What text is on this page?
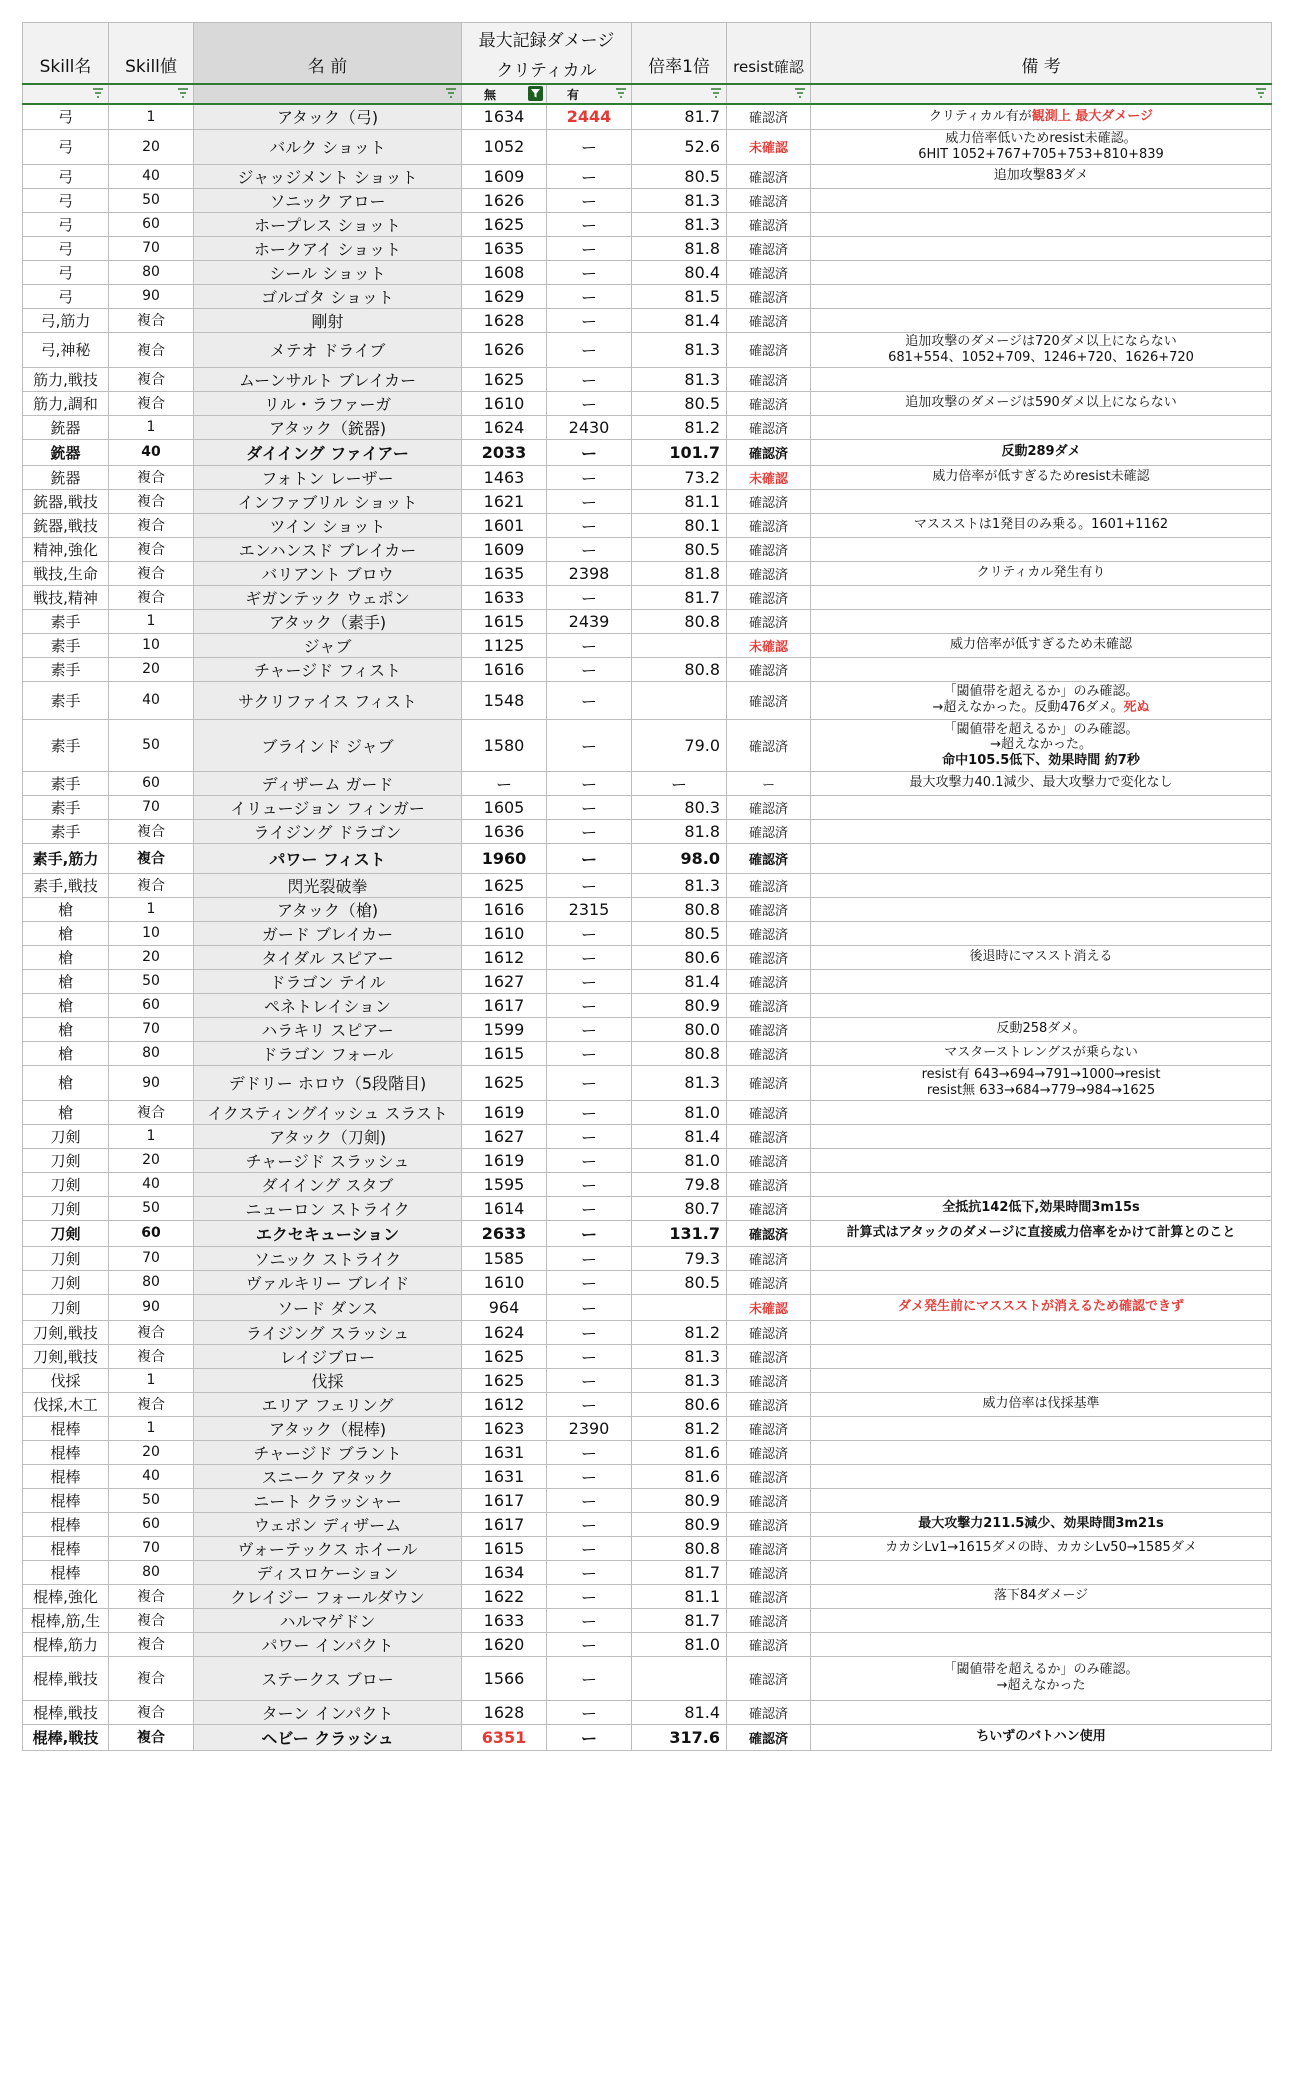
Skill名	Skill値	名 前	最大記録ダメージ		倍率1倍	resist確認	備 考
			クリティカル				

無	有

弓	1	アタック（弓)	1634	2444	81.7	確認済	クリティカル有が観測上 最大ダメージ
弓	20	バルク ショット	1052	ー	52.6	未確認	威力倍率低いためresist未確認。
6HIT 1052+767+705+753+810+839
弓	40	ジャッジメント ショット	1609	ー	80.5	確認済	追加攻撃83ダメ
弓	50	ソニック アロー	1626	ー	81.3	確認済	
弓	60	ホープレス ショット	1625	ー	81.3	確認済	
弓	70	ホークアイ ショット	1635	ー	81.8	確認済	
弓	80	シール ショット	1608	ー	80.4	確認済	
弓	90	ゴルゴタ ショット	1629	ー	81.5	確認済	
弓,筋力	複合	剛射	1628	ー	81.4	確認済	
弓,神秘	複合	メテオ ドライブ	1626	ー	81.3	確認済	追加攻撃のダメージは720ダメ以上にならない
681+554、1052+709、1246+720、1626+720
筋力,戦技	複合	ムーンサルト ブレイカー	1625	ー	81.3	確認済	
筋力,調和	複合	リル・ラファーガ	1610	ー	80.5	確認済	追加攻撃のダメージは590ダメ以上にならない
銃器	1	アタック（銃器)	1624	2430	81.2	確認済	
銃器	40	ダイイング ファイアー	2033	ー	101.7	確認済	反動289ダメ
銃器	複合	フォトン レーザー	1463	ー	73.2	未確認	威力倍率が低すぎるためresist未確認
銃器,戦技	複合	インファブリル ショット	1621	ー	81.1	確認済	
銃器,戦技	複合	ツイン ショット	1601	ー	80.1	確認済	マススストは1発目のみ乗る。1601+1162
精神,強化	複合	エンハンスド ブレイカー	1609	ー	80.5	確認済	
戦技,生命	複合	バリアント ブロウ	1635	2398	81.8	確認済	クリティカル発生有り
戦技,精神	複合	ギガンテック ウェポン	1633	ー	81.7	確認済	
素手	1	アタック（素手)	1615	2439	80.8	確認済	
素手	10	ジャブ	1125	ー		未確認	威力倍率が低すぎるため未確認
素手	20	チャージド フィスト	1616	ー	80.8	確認済	
素手	40	サクリファイス フィスト	1548	ー		確認済	「閾値帯を超えるか」のみ確認。
→超えなかった。反動476ダメ。死ぬ
素手	50	ブラインド ジャブ	1580	ー	79.0	確認済	「閾値帯を超えるか」のみ確認。
→超えなかった。
命中105.5低下、効果時間 約7秒
素手	60	ディザーム ガード	ー	ー	ー	ー	最大攻撃力40.1減少、最大攻撃力で変化なし
素手	70	イリュージョン フィンガー	1605	ー	80.3	確認済	
素手	複合	ライジング ドラゴン	1636	ー	81.8	確認済	
素手,筋力	複合	パワー フィスト	1960	ー	98.0	確認済	
素手,戦技	複合	閃光裂破拳	1625	ー	81.3	確認済	
槍	1	アタック（槍)	1616	2315	80.8	確認済	
槍	10	ガード ブレイカー	1610	ー	80.5	確認済	
槍	20	タイダル スピアー	1612	ー	80.6	確認済	後退時にマススト消える
槍	50	ドラゴン テイル	1627	ー	81.4	確認済	
槍	60	ペネトレイション	1617	ー	80.9	確認済	
槍	70	ハラキリ スピアー	1599	ー	80.0	確認済	反動258ダメ。
槍	80	ドラゴン フォール	1615	ー	80.8	確認済	マスターストレングスが乗らない
槍	90	デドリー ホロウ（5段階目)	1625	ー	81.3	確認済	resist有 643→694→791→1000→resist
resist無 633→684→779→984→1625
槍	複合	イクスティングイッシュ スラスト	1619	ー	81.0	確認済	
刀剣	1	アタック（刀剣)	1627	ー	81.4	確認済	
刀剣	20	チャージド スラッシュ	1619	ー	81.0	確認済	
刀剣	40	ダイイング スタブ	1595	ー	79.8	確認済	
刀剣	50	ニューロン ストライク	1614	ー	80.7	確認済	全抵抗142低下,効果時間3m15s
刀剣	60	エクセキューション	2633	ー	131.7	確認済	計算式はアタックのダメージに直接威力倍率をかけて計算とのこと
刀剣	70	ソニック ストライク	1585	ー	79.3	確認済	
刀剣	80	ヴァルキリー ブレイド	1610	ー	80.5	確認済	
刀剣	90	ソード ダンス	964	ー		未確認	ダメ発生前にマススストが消えるため確認できず
刀剣,戦技	複合	ライジング スラッシュ	1624	ー	81.2	確認済	
刀剣,戦技	複合	レイジブロー	1625	ー	81.3	確認済	
伐採	1	伐採	1625	ー	81.3	確認済	
伐採,木工	複合	エリア フェリング	1612	ー	80.6	確認済	威力倍率は伐採基準
棍棒	1	アタック（棍棒)	1623	2390	81.2	確認済	
棍棒	20	チャージド ブラント	1631	ー	81.6	確認済	
棍棒	40	スニーク アタック	1631	ー	81.6	確認済	
棍棒	50	ニート クラッシャー	1617	ー	80.9	確認済	
棍棒	60	ウェポン ディザーム	1617	ー	80.9	確認済	最大攻撃力211.5減少、効果時間3m21s
棍棒	70	ヴォーテックス ホイール	1615	ー	80.8	確認済	カカシLv1→1615ダメの時、カカシLv50→1585ダメ
棍棒	80	ディスロケーション	1634	ー	81.7	確認済	
棍棒,強化	複合	クレイジー フォールダウン	1622	ー	81.1	確認済	落下84ダメージ
棍棒,筋,生	複合	ハルマゲドン	1633	ー	81.7	確認済	
棍棒,筋力	複合	パワー インパクト	1620	ー	81.0	確認済	
棍棒,戦技	複合	ステークス ブロー	1566	ー		確認済	「閾値帯を超えるか」のみ確認。
→超えなかった
棍棒,戦技	複合	ターン インパクト	1628	ー	81.4	確認済	
棍棒,戦技	複合	ヘビー クラッシュ	6351	ー	317.6	確認済	ちいずのバトハン使用
